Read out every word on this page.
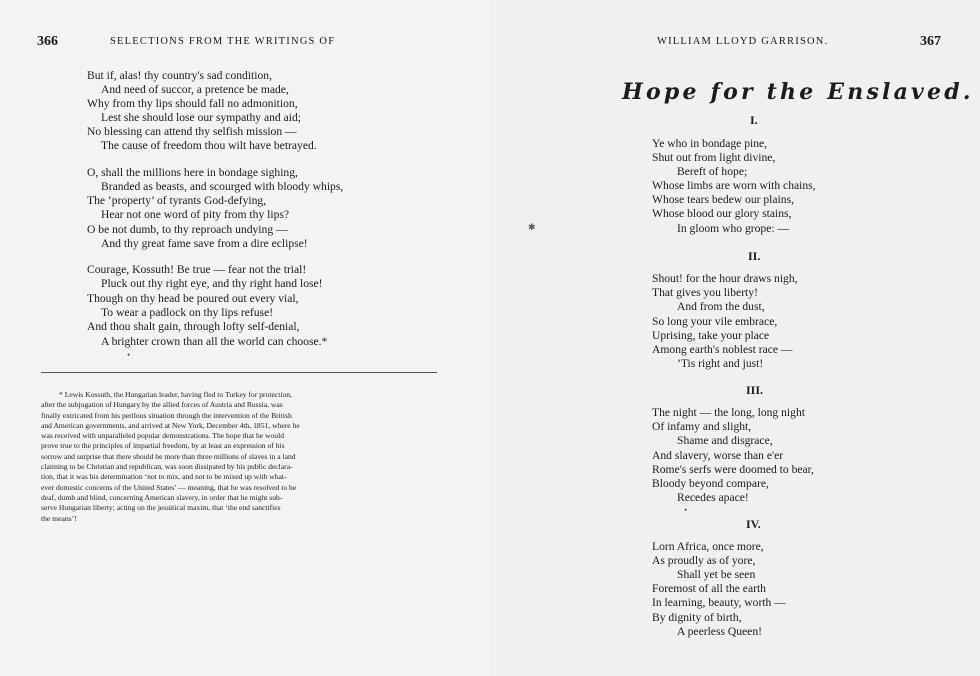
366	SELECTIONS FROM THE WRITINGS OF
But if, alas! thy country's sad condition,
And need of succor, a pretence be made,
Why from thy lips should fall no admonition,
Lest she should lose our sympathy and aid;
No blessing can attend thy selfish mission —
The cause of freedom thou wilt have betrayed.
O, shall the millions here in bondage sighing,
Branded as beasts, and scourged with bloody whips,
The ‘property’ of tyrants God-defying,
Hear not one word of pity from thy lips?
O be not dumb, to thy reproach undying —
And thy great fame save from a dire eclipse!
Courage, Kossuth! Be true — fear not the trial!
Pluck out thy right eye, and thy right hand lose!
Though on thy head be poured out every vial,
To wear a padlock on thy lips refuse!
And thou shalt gain, through lofty self-denial,
A brighter crown than all the world can choose.*
•
* Lewis Kossuth, the Hungarian leader, having fled to Turkey for protection,
after the subjugation of Hungary by the allied forces of Austria and Russia, was
finally extricated from his perilous situation through the intervention of the British
and American governments, and arrived at New York, December 4th, 1851, where he
was received with unparalleled popular demonstrations. The hope that he would
prove true to the principles of impartial freedom, by at least an expression of his
sorrow and surprise that there should be more than three millions of slaves in a land
claiming to be Christian and republican, was soon dissipated by his public declara-
tion, that it was his determination ‘not to mix, and not to be mixed up with what-
ever domestic concerns of the United States’ — meaning, that he was resolved to be
deaf, dumb and blind, concerning American slavery, in order that he might sub-
serve Hungarian liberty; acting on the jesuitical maxim, that ‘the end sanctifies
the means’!
WILLIAM LLOYD GARRISON.	367
Hope for the Enslaved.
✱
I.
Ye who in bondage pine,
Shut out from light divine,
Bereft of hope;
Whose limbs are worn with chains,
Whose tears bedew our plains,
Whose blood our glory stains,
In gloom who grope: —
II.
Shout! for the hour draws nigh,
That gives you liberty!
And from the dust,
So long your vile embrace,
Uprising, take your place
Among earth's noblest race —
’Tis right and just!
III.
The night — the long, long night
Of infamy and slight,
Shame and disgrace,
And slavery, worse than e'er
Rome's serfs were doomed to bear,
Bloody beyond compare,
Recedes apace!
•
IV.
Lorn Africa, once more,
As proudly as of yore,
Shall yet be seen
Foremost of all the earth
In learning, beauty, worth —
By dignity of birth,
A peerless Queen!
